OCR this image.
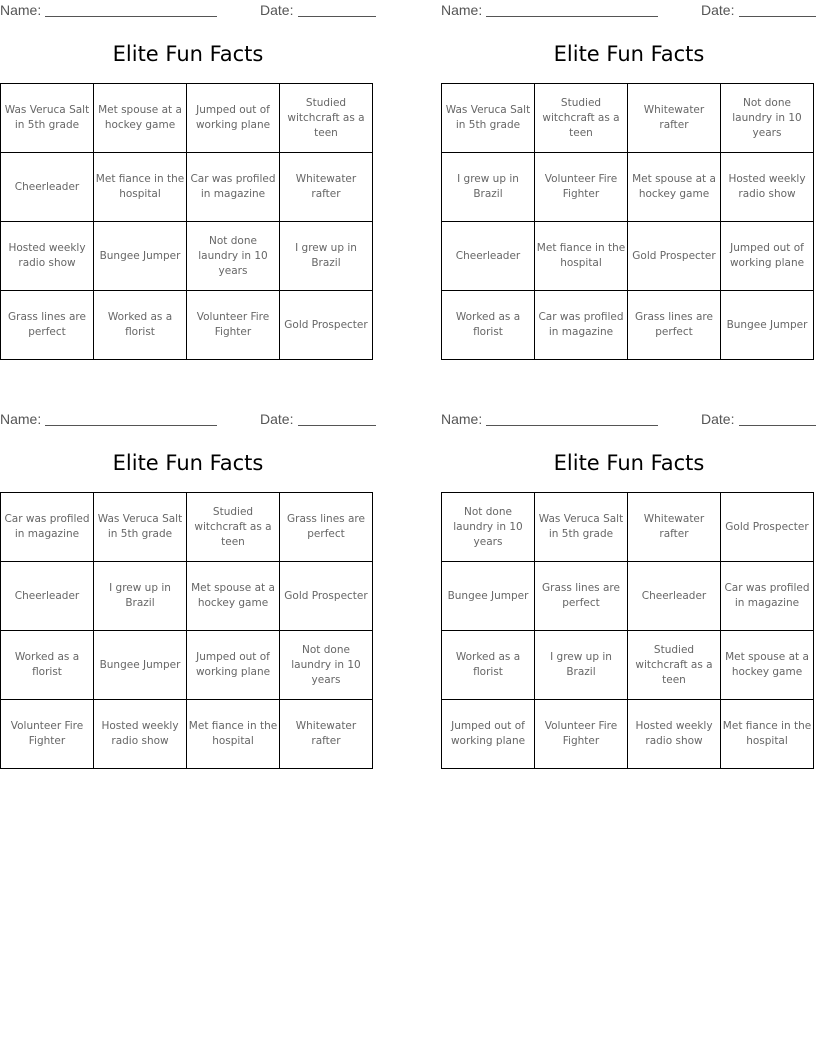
Name:	Date:
Elite Fun Facts
Was Veruca Salt in 5th grade	Met spouse at a hockey game	Jumped out of working plane	Studied witchcraft as a teen
Cheerleader	Met fiance in the hospital	Car was profiled in magazine	Whitewater rafter
Hosted weekly radio show	Bungee Jumper	Not done laundry in 10 years	I grew up in Brazil
Grass lines are perfect	Worked as a florist	Volunteer Fire Fighter	Gold Prospecter
Name:	Date:
Elite Fun Facts
Was Veruca Salt in 5th grade	Studied witchcraft as a teen	Whitewater rafter	Not done laundry in 10 years
I grew up in Brazil	Volunteer Fire Fighter	Met spouse at a hockey game	Hosted weekly radio show
Cheerleader	Met fiance in the hospital	Gold Prospecter	Jumped out of working plane
Worked as a florist	Car was profiled in magazine	Grass lines are perfect	Bungee Jumper
Name:	Date:
Elite Fun Facts
Car was profiled in magazine	Was Veruca Salt in 5th grade	Studied witchcraft as a teen	Grass lines are perfect
Cheerleader	I grew up in Brazil	Met spouse at a hockey game	Gold Prospecter
Worked as a florist	Bungee Jumper	Jumped out of working plane	Not done laundry in 10 years
Volunteer Fire Fighter	Hosted weekly radio show	Met fiance in the hospital	Whitewater rafter
Name:	Date:
Elite Fun Facts
Not done laundry in 10 years	Was Veruca Salt in 5th grade	Whitewater rafter	Gold Prospecter
Bungee Jumper	Grass lines are perfect	Cheerleader	Car was profiled in magazine
Worked as a florist	I grew up in Brazil	Studied witchcraft as a teen	Met spouse at a hockey game
Jumped out of working plane	Volunteer Fire Fighter	Hosted weekly radio show	Met fiance in the hospital
